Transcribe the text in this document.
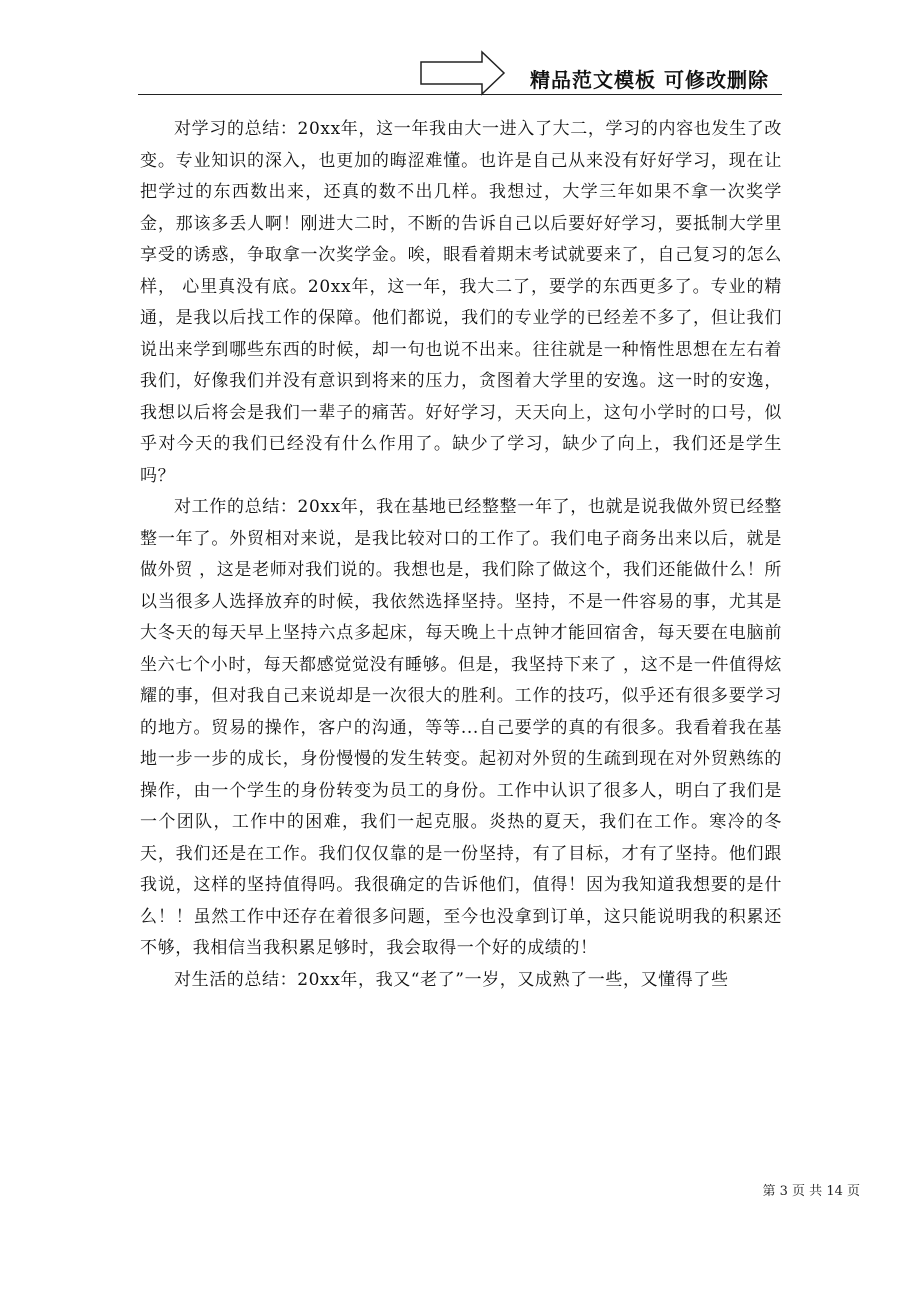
精品范文模板 可修改删除

对学习的总结：20xx年，这一年我由大一进入了大二，学习的内容也发生了改变。专业知识的深入，也更加的晦涩难懂。也许是自己从来没有好好学习，现在让把学过的东西数出来，还真的数不出几样。我想过，大学三年如果不拿一次奖学金，那该多丢人啊！刚进大二时，不断的告诉自己以后要好好学习，要抵制大学里享受的诱惑，争取拿一次奖学金。唉，眼看着期末考试就要来了，自己复习的怎么样， 心里真没有底。20xx年，这一年，我大二了，要学的东西更多了。专业的精通，是我以后找工作的保障。他们都说，我们的专业学的已经差不多了，但让我们说出来学到哪些东西的时候，却一句也说不出来。往往就是一种惰性思想在左右着我们，好像我们并没有意识到将来的压力，贪图着大学里的安逸。这一时的安逸，我想以后将会是我们一辈子的痛苦。好好学习，天天向上，这句小学时的口号，似乎对今天的我们已经没有什么作用了。缺少了学习，缺少了向上，我们还是学生吗？

对工作的总结：20xx年，我在基地已经整整一年了，也就是说我做外贸已经整整一年了。外贸相对来说，是我比较对口的工作了。我们电子商务出来以后，就是做外贸 ，这是老师对我们说的。我想也是，我们除了做这个，我们还能做什么！所以当很多人选择放弃的时候，我依然选择坚持。坚持，不是一件容易的事，尤其是大冬天的每天早上坚持六点多起床，每天晚上十点钟才能回宿舍，每天要在电脑前坐六七个小时，每天都感觉觉没有睡够。但是，我坚持下来了 ，这不是一件值得炫耀的事，但对我自己来说却是一次很大的胜利。工作的技巧，似乎还有很多要学习的地方。贸易的操作，客户的沟通，等等...自己要学的真的有很多。我看着我在基地一步一步的成长，身份慢慢的发生转变。起初对外贸的生疏到现在对外贸熟练的操作，由一个学生的身份转变为员工的身份。工作中认识了很多人，明白了我们是一个团队，工作中的困难，我们一起克服。炎热的夏天，我们在工作。寒冷的冬天，我们还是在工作。我们仅仅靠的是一份坚持，有了目标，才有了坚持。他们跟我说，这样的坚持值得吗。我很确定的告诉他们，值得！因为我知道我想要的是什么！！虽然工作中还存在着很多问题，至今也没拿到订单，这只能说明我的积累还不够，我相信当我积累足够时，我会取得一个好的成绩的！

对生活的总结：20xx年，我又“老了”一岁，又成熟了一些，又懂得了些

第 3 页 共 14 页
